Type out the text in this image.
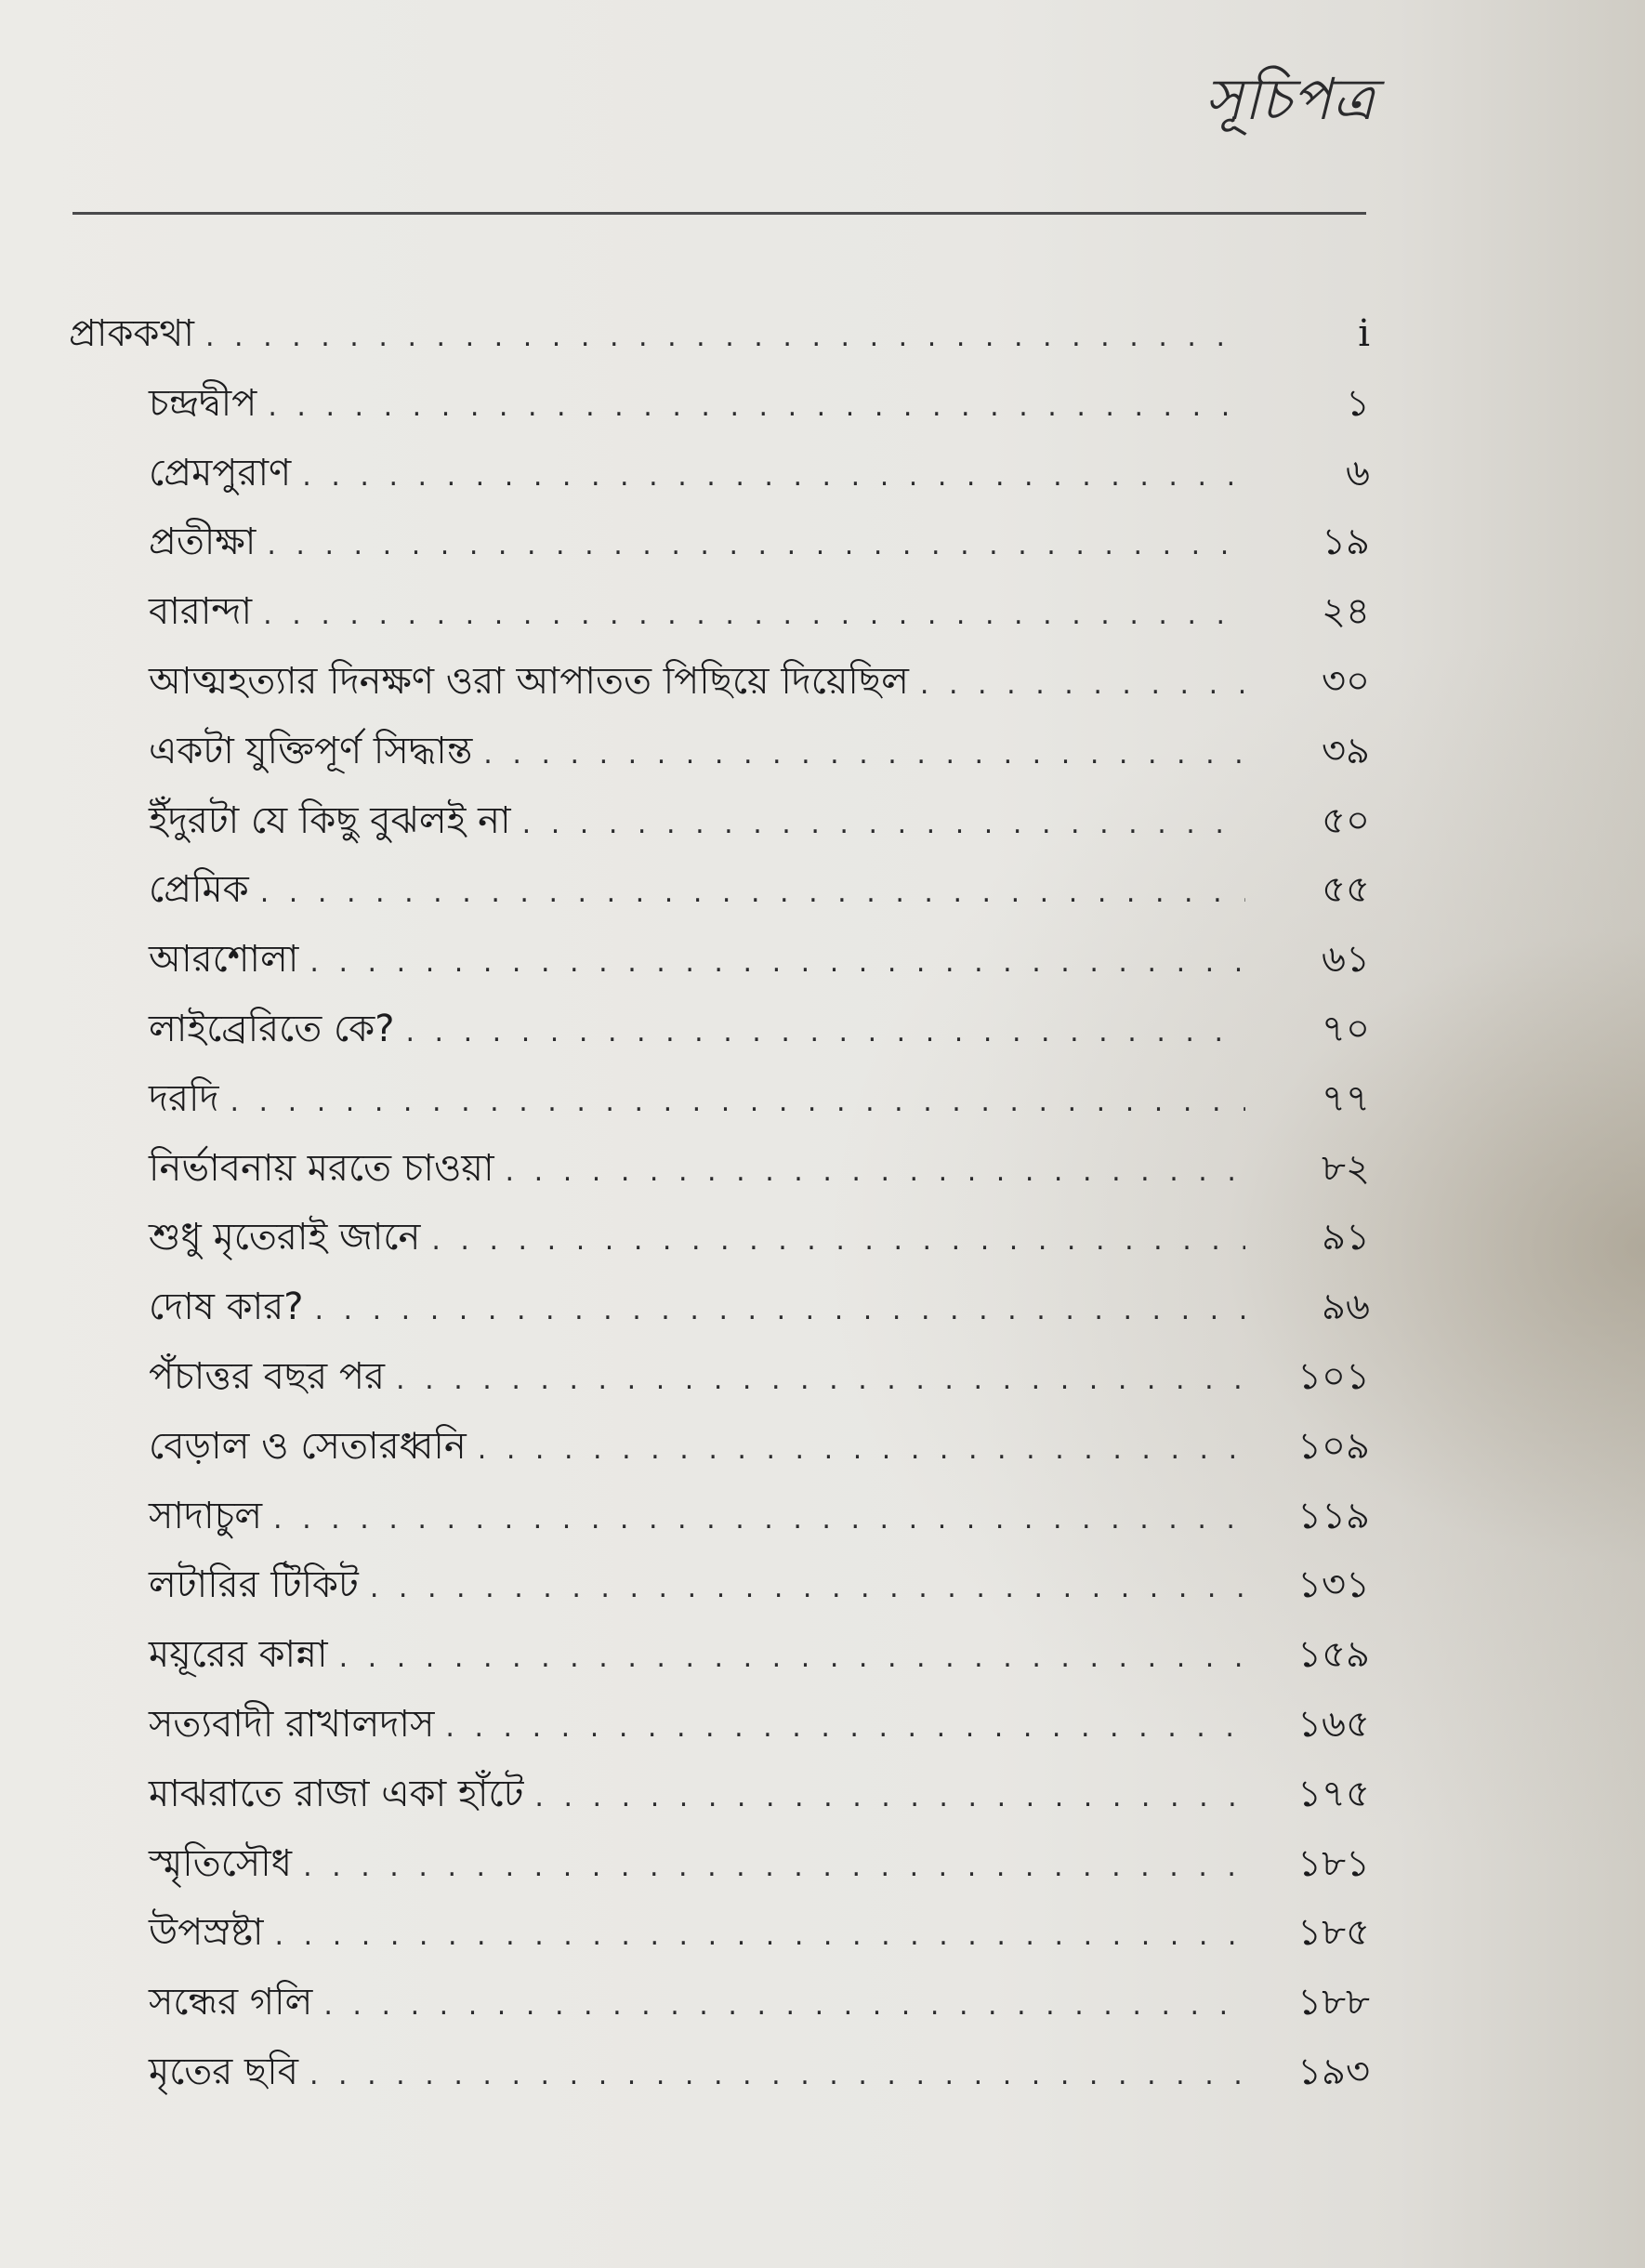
সূচিপত্র
প্রাককথা . . .	i
চন্দ্রদ্বীপ . . .	১
প্রেমপুরাণ . . .	৬
প্রতীক্ষা . . .	১৯
বারান্দা . . .	২৪
আত্মহত্যার দিনক্ষণ ওরা আপাতত পিছিয়ে দিয়েছিল . . .	৩০
একটা যুক্তিপূর্ণ সিদ্ধান্ত . . .	৩৯
ইঁদুরটা যে কিছু বুঝলই না . . .	৫০
প্রেমিক . . .	৫৫
আরশোলা . . .	৬১
লাইব্রেরিতে কে? . . .	৭০
দরদি . . .	৭৭
নির্ভাবনায় মরতে চাওয়া . . .	৮২
শুধু মৃতেরাই জানে . . .	৯১
দোষ কার? . . .	৯৬
পঁচাত্তর বছর পর . . .	১০১
বেড়াল ও সেতারধ্বনি . . .	১০৯
সাদাচুল . . .	১১৯
লটারির টিকিট . . .	১৩১
ময়ূরের কান্না . . .	১৫৯
সত্যবাদী রাখালদাস . . .	১৬৫
মাঝরাতে রাজা একা হাঁটে . . .	১৭৫
স্মৃতিসৌধ . . .	১৮১
উপস্রষ্টা . . .	১৮৫
সন্ধের গলি . . .	১৮৮
মৃতের ছবি . . .	১৯৩
